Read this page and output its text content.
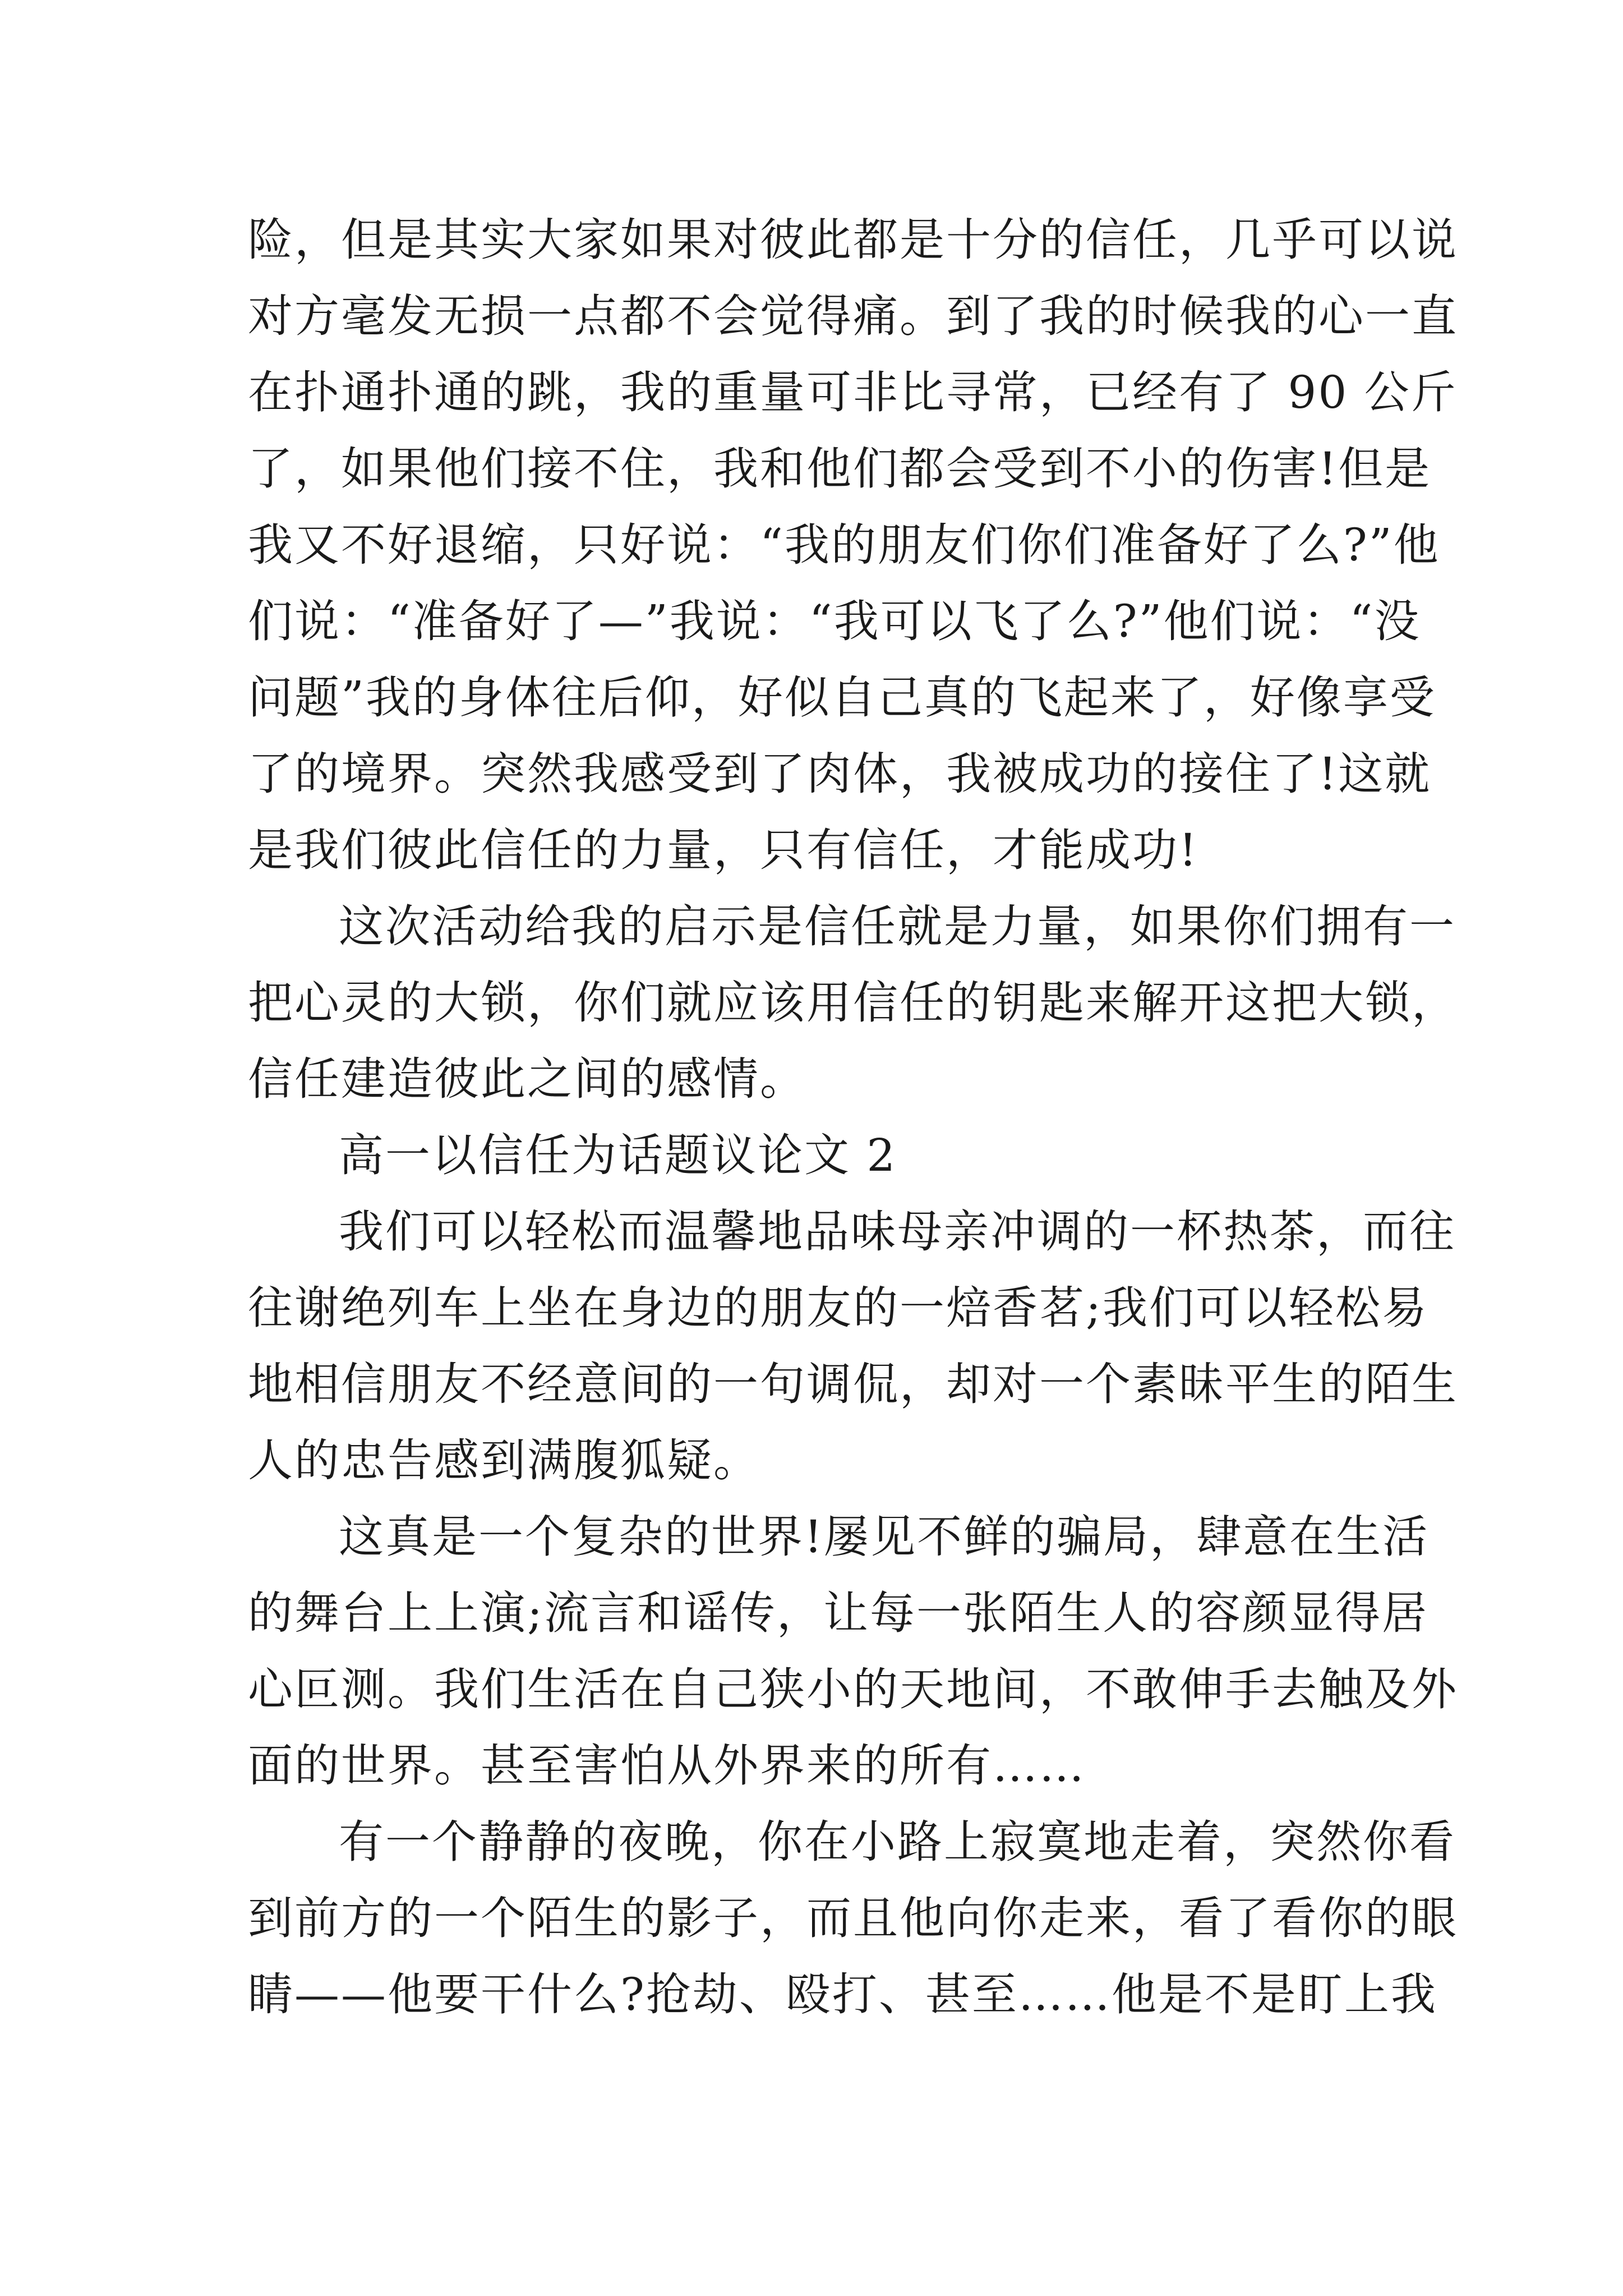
险，但是其实大家如果对彼此都是十分的信任，几乎可以说
对方毫发无损一点都不会觉得痛。到了我的时候我的心一直
在扑通扑通的跳，我的重量可非比寻常，已经有了 90 公斤
了，如果他们接不住，我和他们都会受到不小的伤害!但是
我又不好退缩，只好说：“我的朋友们你们准备好了么?”他
们说：“准备好了—”我说：“我可以飞了么?”他们说：“没
问题”我的身体往后仰，好似自己真的飞起来了，好像享受
了的境界。突然我感受到了肉体，我被成功的接住了!这就
是我们彼此信任的力量，只有信任，才能成功!
这次活动给我的启示是信任就是力量，如果你们拥有一
把心灵的大锁，你们就应该用信任的钥匙来解开这把大锁，
信任建造彼此之间的感情。
高一以信任为话题议论文 2
我们可以轻松而温馨地品味母亲冲调的一杯热茶，而往
往谢绝列车上坐在身边的朋友的一焙香茗;我们可以轻松易
地相信朋友不经意间的一句调侃，却对一个素昧平生的陌生
人的忠告感到满腹狐疑。
这真是一个复杂的世界!屡见不鲜的骗局，肆意在生活
的舞台上上演;流言和谣传，让每一张陌生人的容颜显得居
心叵测。我们生活在自己狭小的天地间，不敢伸手去触及外
面的世界。甚至害怕从外界来的所有……
有一个静静的夜晚，你在小路上寂寞地走着，突然你看
到前方的一个陌生的影子，而且他向你走来，看了看你的眼
睛——他要干什么?抢劫、殴打、甚至……他是不是盯上我
